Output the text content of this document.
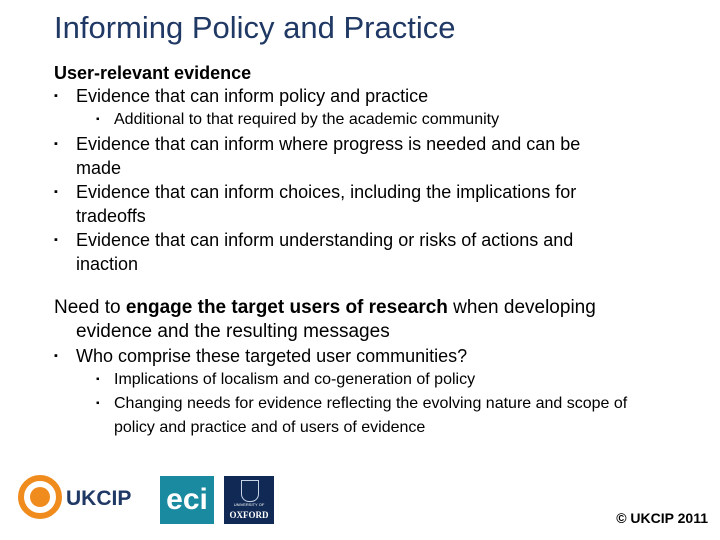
Informing Policy and Practice
User-relevant evidence
▪ Evidence that can inform policy and practice
▪ Additional to that required by the academic community
▪ Evidence that can inform where progress is needed and can be
made
▪ Evidence that can inform choices, including the implications for
tradeoffs
▪ Evidence that can inform understanding or risks of actions and
inaction
Need to engage the target users of research when developing
evidence and the resulting messages
▪ Who comprise these targeted user communities?
▪ Implications of localism and co-generation of policy
▪ Changing needs for evidence reflecting the evolving nature and scope of
policy and practice and of users of evidence
UKCIP eci	UNIVERSITY OF
OXFORD	© UKCIP 2011
